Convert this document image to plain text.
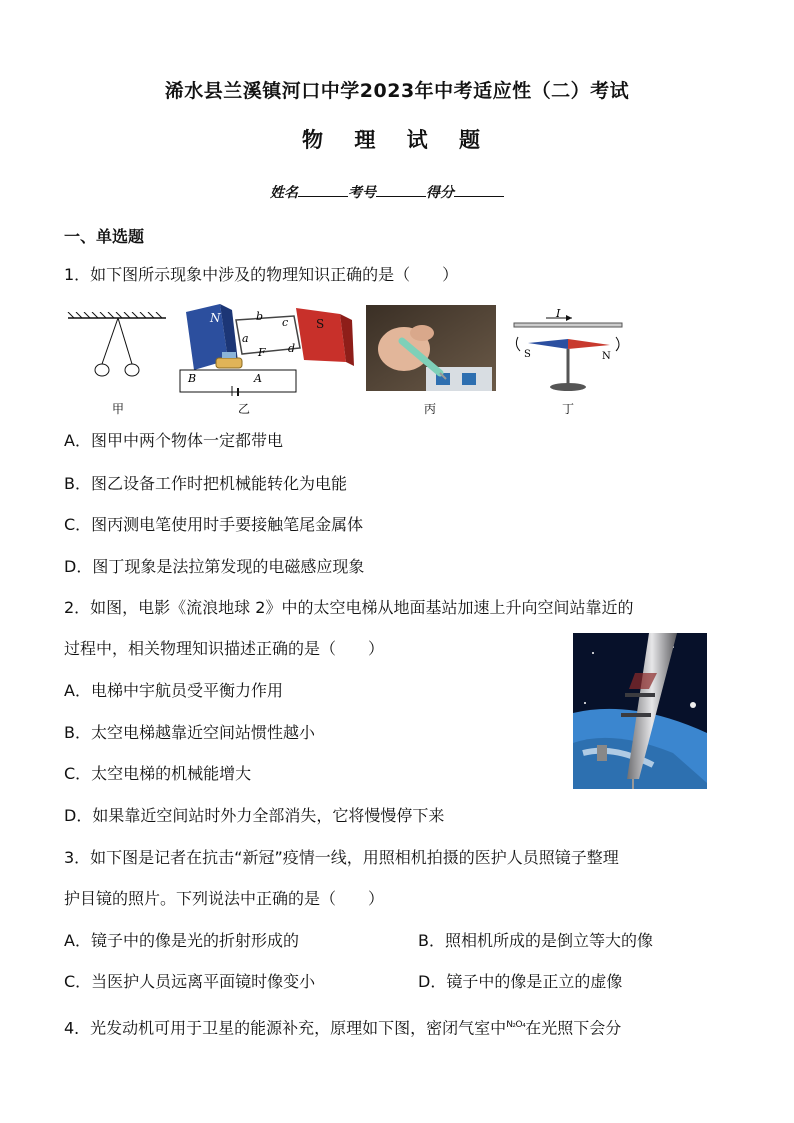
浠水县兰溪镇河口中学2023年中考适应性（二）考试
物 理 试 题
姓名	考号	得分
一、单选题
1．如下图所示现象中涉及的物理知识正确的是（　　）
甲
N	S
b c
a
F d
B	A
乙	丙
I
S	N
丁
A．图甲中两个物体一定都带电
B．图乙设备工作时把机械能转化为电能
C．图丙测电笔使用时手要接触笔尾金属体
D．图丁现象是法拉第发现的电磁感应现象
2．如图，电影《流浪地球 2》中的太空电梯从地面基站加速上升向空间站靠近的
过程中，相关物理知识描述正确的是（　　）
A．电梯中宇航员受平衡力作用
B．太空电梯越靠近空间站惯性越小
C．太空电梯的机械能增大
D．如果靠近空间站时外力全部消失，它将慢慢停下来
3．如下图是记者在抗击“新冠”疫情一线，用照相机拍摄的医护人员照镜子整理
护目镜的照片。下列说法中正确的是（　　）
A．镜子中的像是光的折射形成的	B．照相机所成的是倒立等大的像
C．当医护人员远离平面镜时像变小	D．镜子中的像是正立的虚像
4．光发动机可用于卫星的能源补充，原理如下图，密闭气室中$^{N_2O_4}$在光照下会分
